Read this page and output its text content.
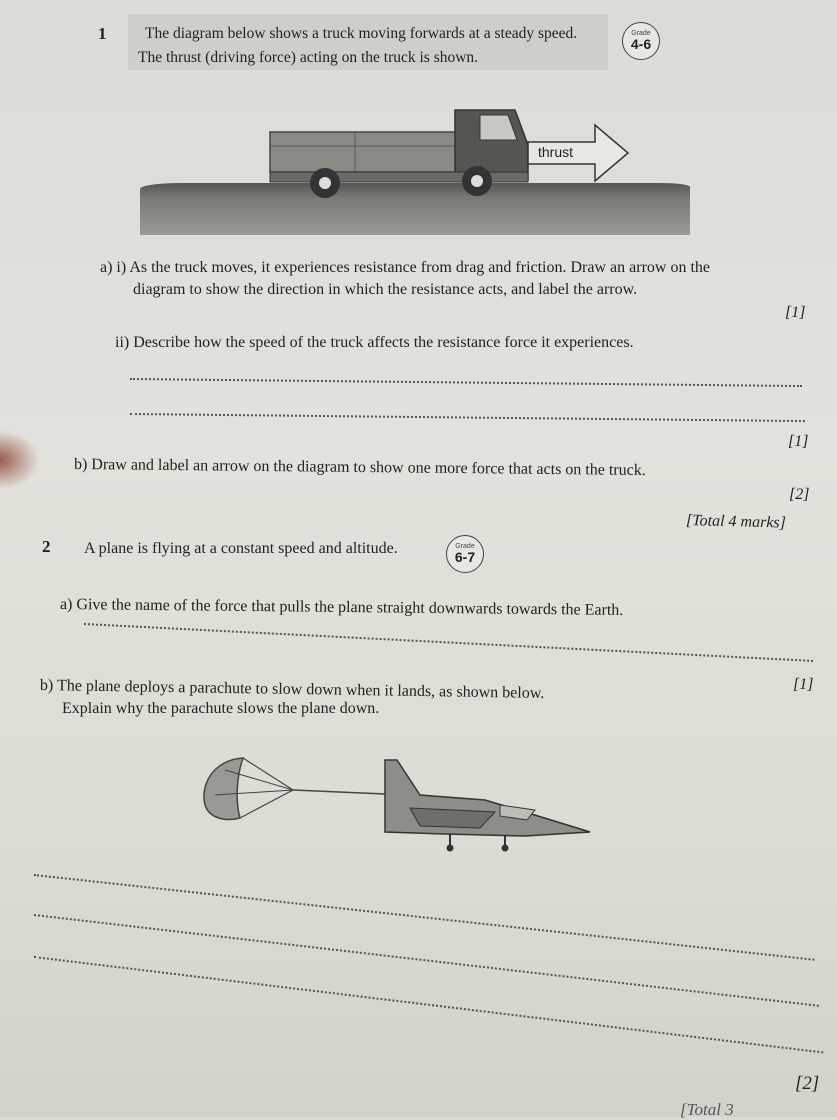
1 The diagram below shows a truck moving forwards at a steady speed.
The thrust (driving force) acting on the truck is shown.
Grade
4-6
thrust
a) i) As the truck moves, it experiences resistance from drag and friction. Draw an arrow on the
diagram to show the direction in which the resistance acts, and label the arrow.
[1]
ii) Describe how the speed of the truck affects the resistance force it experiences.
[1]
b) Draw and label an arrow on the diagram to show one more force that acts on the truck.
[2]
[Total 4 marks]
2 A plane is flying at a constant speed and altitude.	Grade
6-7
a) Give the name of the force that pulls the plane straight downwards towards the Earth.
[1]
b) The plane deploys a parachute to slow down when it lands, as shown below.
Explain why the parachute slows the plane down.
[2]
[Total 3
